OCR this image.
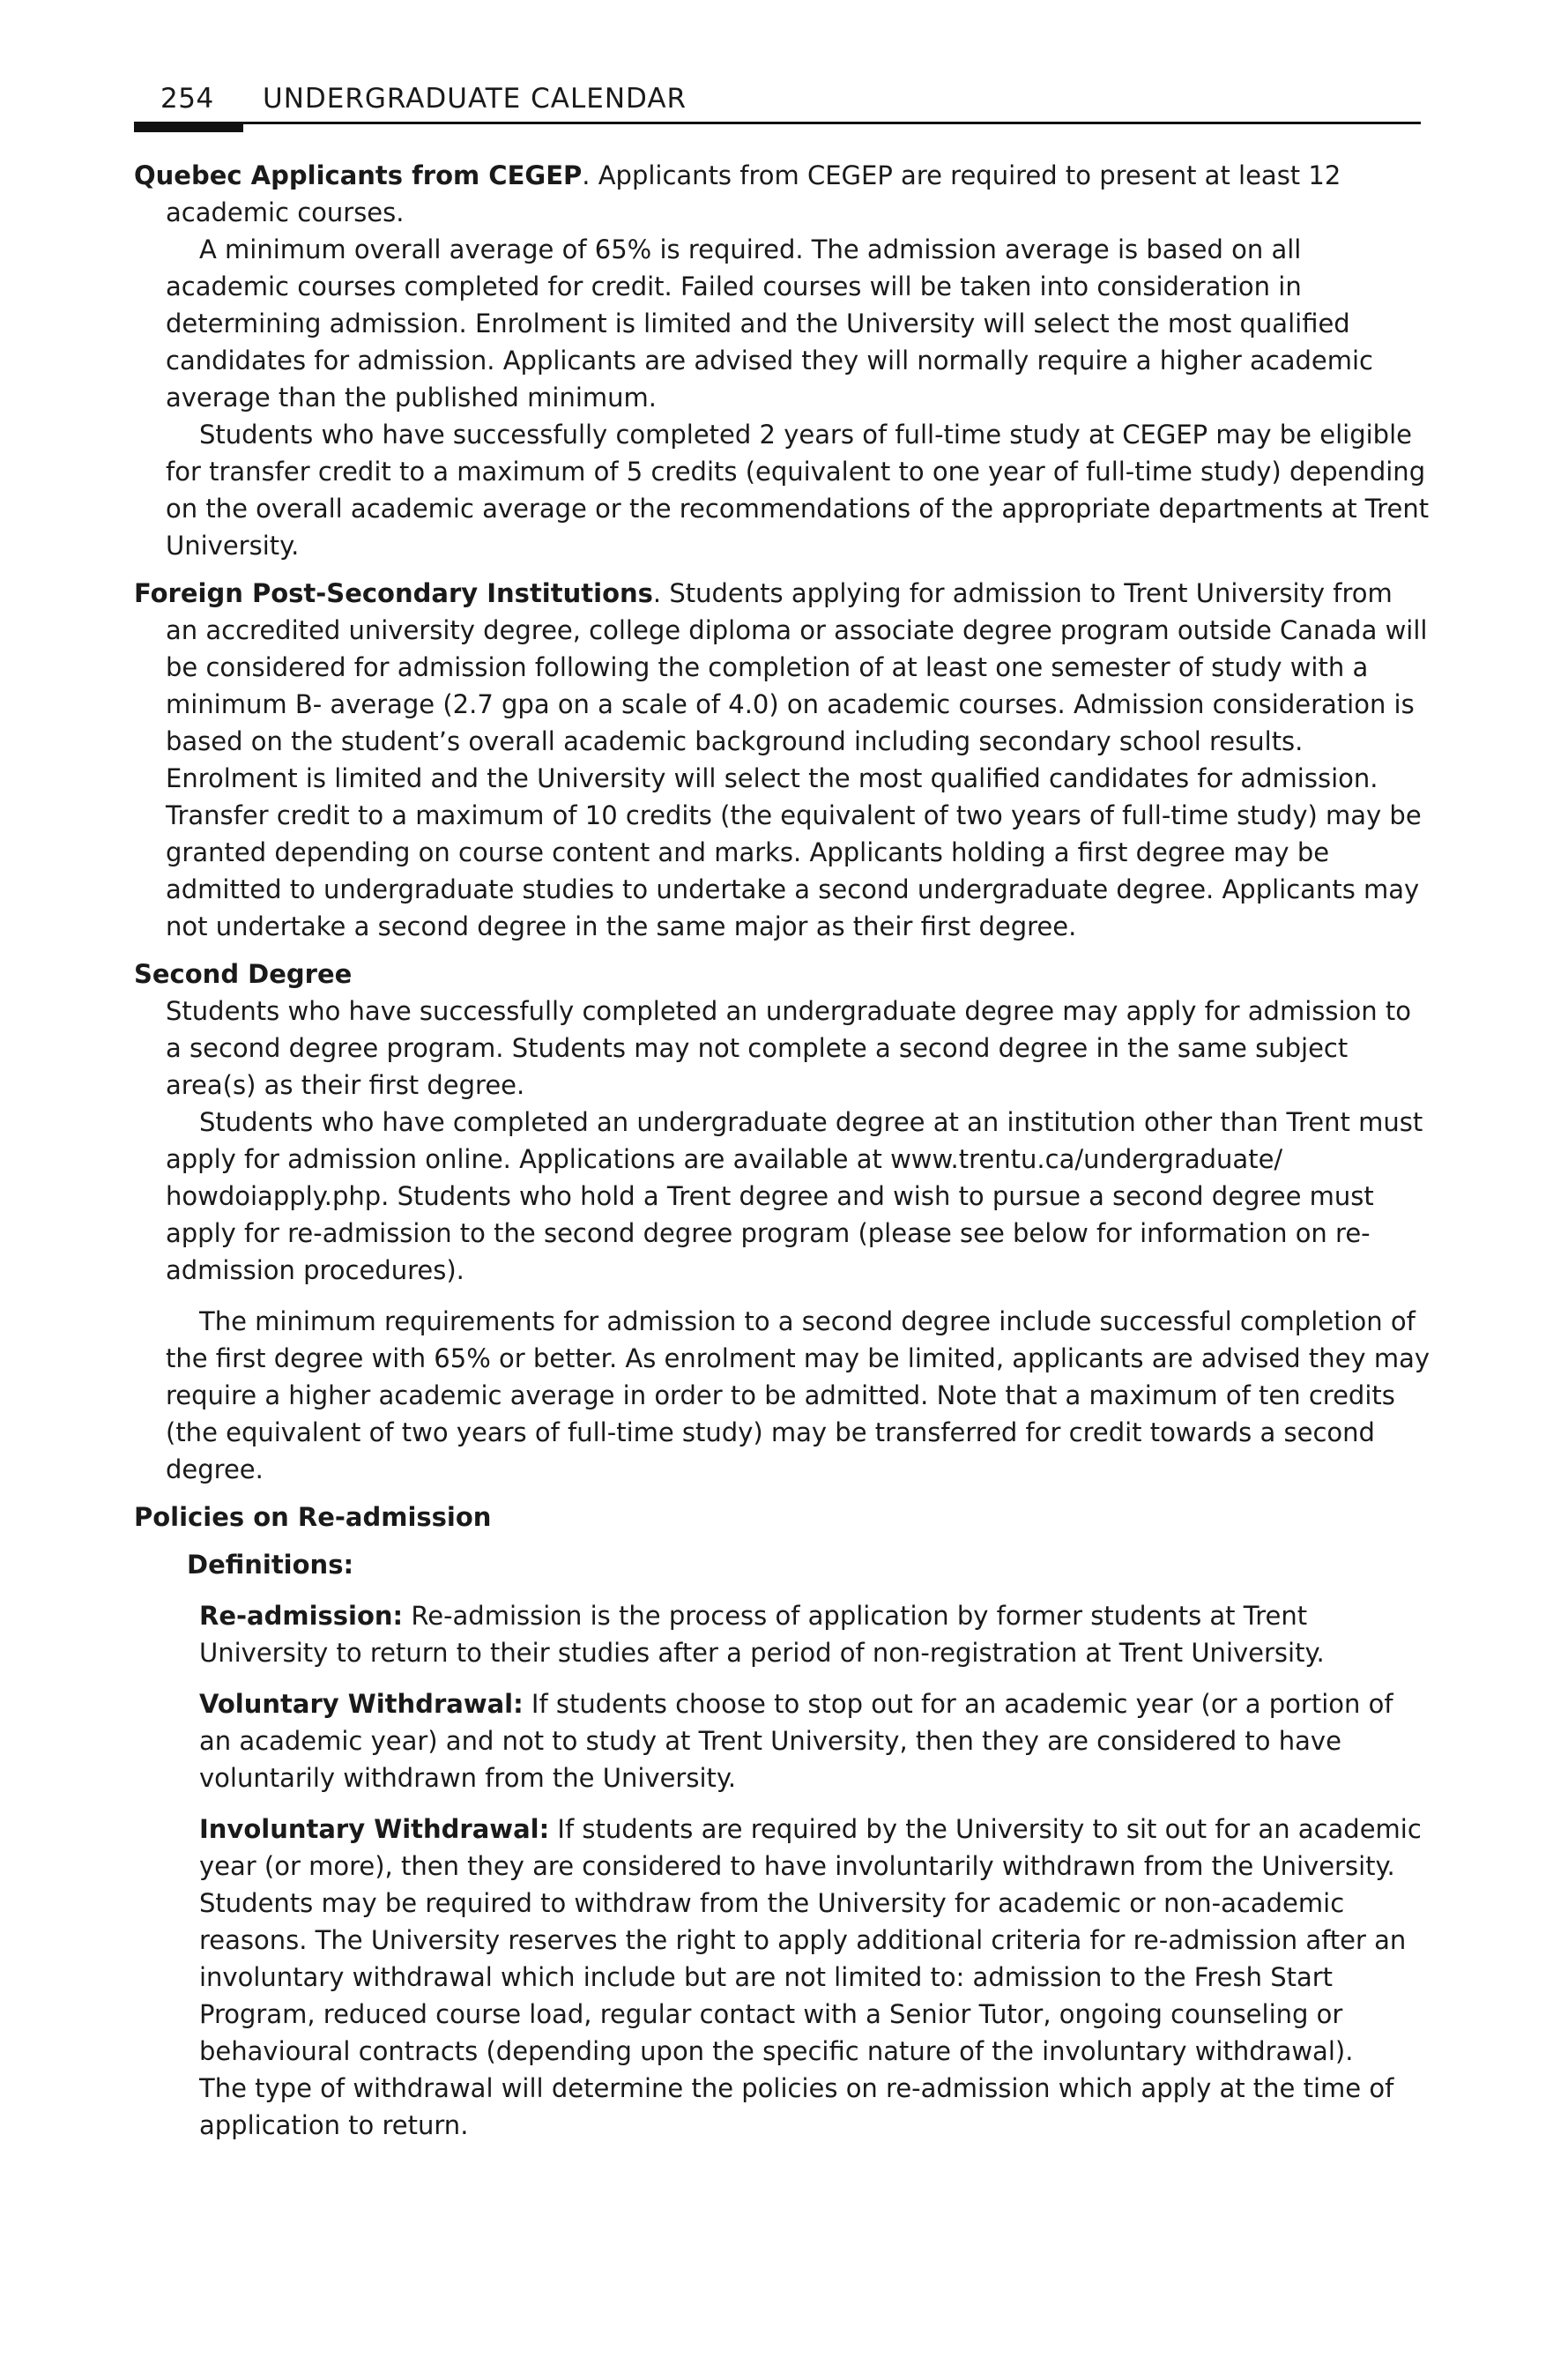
254 UNDERGRADUATE CALENDAR

Quebec Applicants from CEGEP. Applicants from CEGEP are required to present at least 12 academic courses.

A minimum overall average of 65% is required. The admission average is based on all academic courses completed for credit. Failed courses will be taken into consideration in determining admission. Enrolment is limited and the University will select the most qualified candidates for admission. Applicants are advised they will normally require a higher academic average than the published minimum.

Students who have successfully completed 2 years of full-time study at CEGEP may be eligible for transfer credit to a maximum of 5 credits (equivalent to one year of full-time study) depending on the overall academic average or the recommendations of the appropriate departments at Trent University.

Foreign Post-Secondary Institutions. Students applying for admission to Trent University from an accredited university degree, college diploma or associate degree program outside Canada will be considered for admission following the completion of at least one semester of study with a minimum B- average (2.7 gpa on a scale of 4.0) on academic courses. Admission consideration is based on the student’s overall academic background including secondary school results. Enrolment is limited and the University will select the most qualified candidates for admission. Transfer credit to a maximum of 10 credits (the equivalent of two years of full-time study) may be granted depending on course content and marks. Applicants holding a first degree may be admitted to undergraduate studies to undertake a second undergraduate degree. Applicants may not undertake a second degree in the same major as their first degree.

Second Degree

Students who have successfully completed an undergraduate degree may apply for admission to a second degree program. Students may not complete a second degree in the same subject area(s) as their first degree.

Students who have completed an undergraduate degree at an institution other than Trent must apply for admission online. Applications are available at www.trentu.ca/undergraduate/ howdoiapply.php. Students who hold a Trent degree and wish to pursue a second degree must apply for re-admission to the second degree program (please see below for information on re-admission procedures).

The minimum requirements for admission to a second degree include successful completion of the first degree with 65% or better. As enrolment may be limited, applicants are advised they may require a higher academic average in order to be admitted. Note that a maximum of ten credits (the equivalent of two years of full-time study) may be transferred for credit towards a second degree.

Policies on Re-admission

Definitions:

Re-admission: Re-admission is the process of application by former students at Trent University to return to their studies after a period of non-registration at Trent University.

Voluntary Withdrawal: If students choose to stop out for an academic year (or a portion of an academic year) and not to study at Trent University, then they are considered to have voluntarily withdrawn from the University.

Involuntary Withdrawal: If students are required by the University to sit out for an academic year (or more), then they are considered to have involuntarily withdrawn from the University. Students may be required to withdraw from the University for academic or non-academic reasons. The University reserves the right to apply additional criteria for re-admission after an involuntary withdrawal which include but are not limited to: admission to the Fresh Start Program, reduced course load, regular contact with a Senior Tutor, ongoing counseling or behavioural contracts (depending upon the specific nature of the involuntary withdrawal).

The type of withdrawal will determine the policies on re-admission which apply at the time of application to return.
